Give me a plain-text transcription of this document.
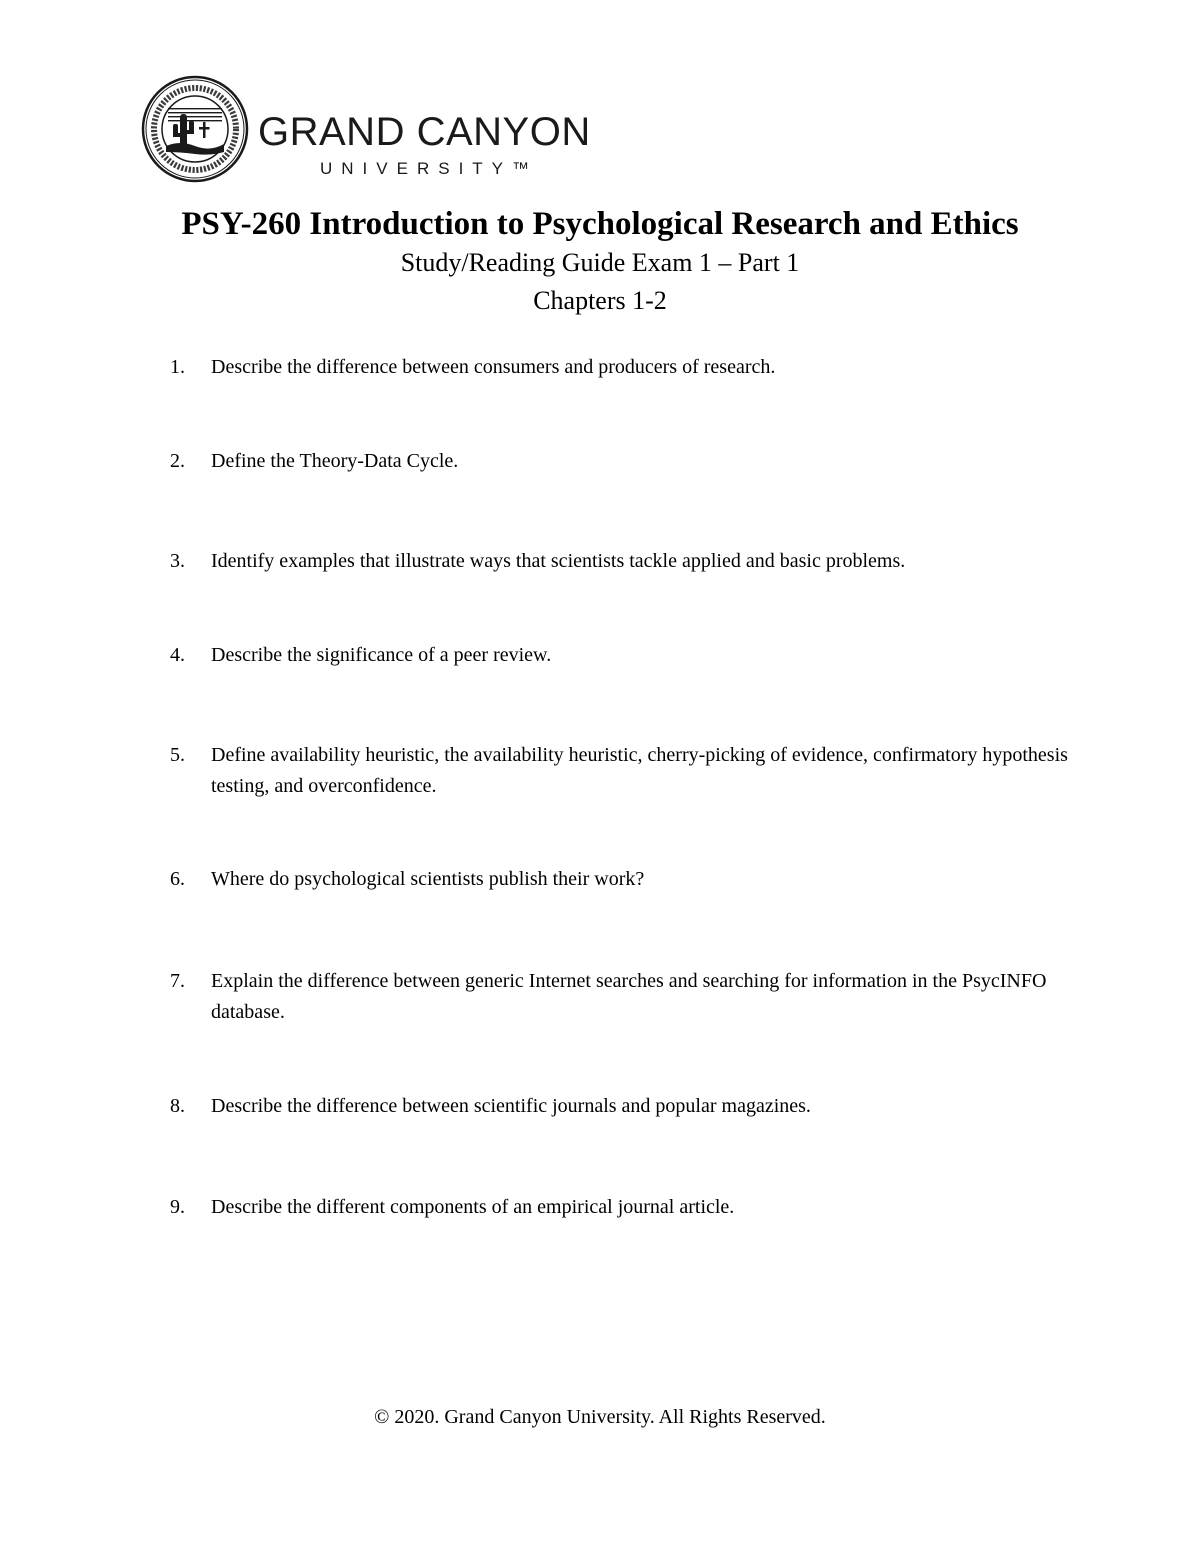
GRAND CANYON
UNIVERSITY™
PSY-260 Introduction to Psychological Research and Ethics

Study/Reading Guide Exam 1 – Part 1

Chapters 1-2

1.	Describe the difference between consumers and producers of research.

2.	Define the Theory-Data Cycle.

3.	Identify examples that illustrate ways that scientists tackle applied and basic problems.

4.	Describe the significance of a peer review.

5.	Define availability heuristic, the availability heuristic, cherry-picking of evidence, confirmatory hypothesis testing, and overconfidence.

6.	Where do psychological scientists publish their work?

7.	Explain the difference between generic Internet searches and searching for information in the PsycINFO database.

8.	Describe the difference between scientific journals and popular magazines.

9.	Describe the different components of an empirical journal article.

© 2020. Grand Canyon University. All Rights Reserved.
